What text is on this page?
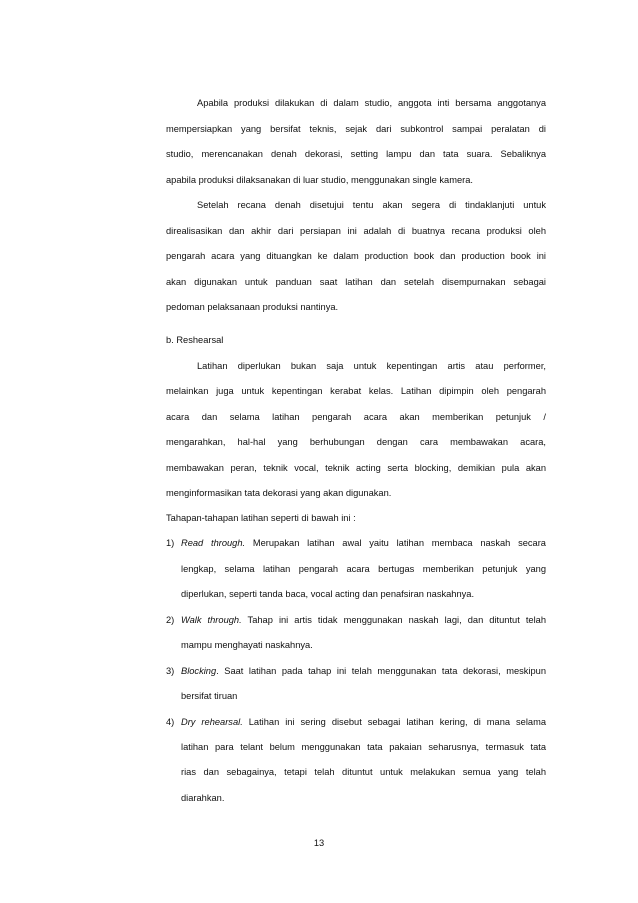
Apabila produksi dilakukan di dalam studio, anggota inti bersama anggotanya
mempersiapkan yang bersifat teknis, sejak dari subkontrol sampai peralatan di
studio, merencanakan denah dekorasi, setting lampu dan tata suara. Sebaliknya
apabila produksi dilaksanakan di luar studio, menggunakan single kamera.
Setelah recana denah disetujui tentu akan segera di tindaklanjuti untuk
direalisasikan dan akhir dari persiapan ini adalah di buatnya recana produksi oleh
pengarah acara yang dituangkan ke dalam production book dan production book ini
akan digunakan untuk panduan saat latihan dan setelah disempurnakan sebagai
pedoman pelaksanaan produksi nantinya.
b. Reshearsal
Latihan diperlukan bukan saja untuk kepentingan artis atau performer,
melainkan juga untuk kepentingan kerabat kelas. Latihan dipimpin oleh pengarah
acara dan selama latihan pengarah acara akan memberikan petunjuk /
mengarahkan, hal-hal yang berhubungan dengan cara membawakan acara,
membawakan peran, teknik vocal, teknik acting serta blocking, demikian pula akan
menginformasikan tata dekorasi yang akan digunakan.
Tahapan-tahapan latihan seperti di bawah ini :
1) Read through. Merupakan latihan awal yaitu latihan membaca naskah secara
lengkap, selama latihan pengarah acara bertugas memberikan petunjuk yang
diperlukan, seperti tanda baca, vocal acting dan penafsiran naskahnya.
2) Walk through. Tahap ini artis tidak menggunakan naskah lagi, dan dituntut telah
mampu menghayati naskahnya.
3) Blocking. Saat latihan pada tahap ini telah menggunakan tata dekorasi, meskipun
bersifat tiruan
4) Dry rehearsal. Latihan ini sering disebut sebagai latihan kering, di mana selama
latihan para telant belum menggunakan tata pakaian seharusnya, termasuk tata
rias dan sebagainya, tetapi telah dituntut untuk melakukan semua yang telah
diarahkan.
13
